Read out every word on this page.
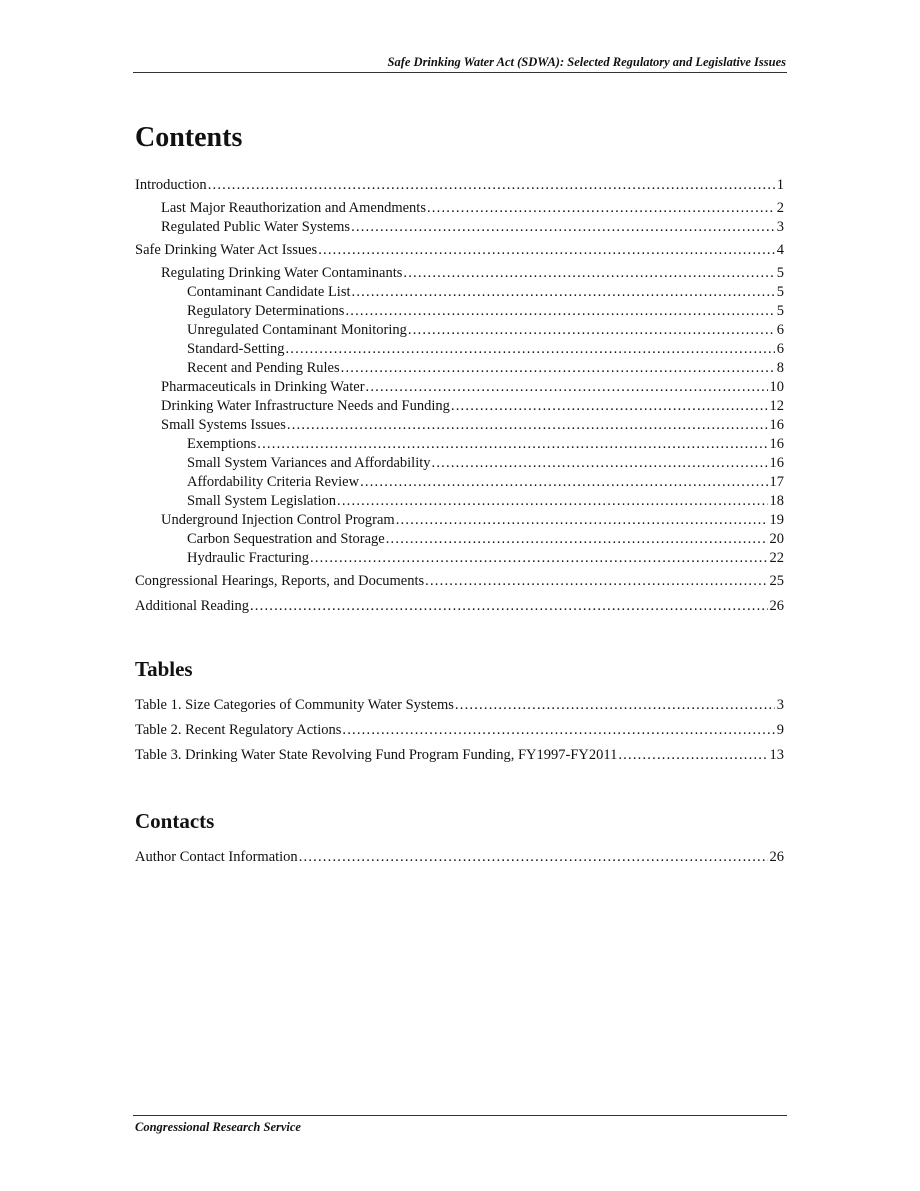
Safe Drinking Water Act (SDWA): Selected Regulatory and Legislative Issues
Contents
Introduction .....	1
Last Major Reauthorization and Amendments .....	2
Regulated Public Water Systems .....	3
Safe Drinking Water Act Issues .....	4
Regulating Drinking Water Contaminants .....	5
Contaminant Candidate List .....	5
Regulatory Determinations .....	5
Unregulated Contaminant Monitoring .....	6
Standard-Setting .....	6
Recent and Pending Rules .....	8
Pharmaceuticals in Drinking Water .....	10
Drinking Water Infrastructure Needs and Funding .....	12
Small Systems Issues .....	16
Exemptions .....	16
Small System Variances and Affordability .....	16
Affordability Criteria Review .....	17
Small System Legislation .....	18
Underground Injection Control Program .....	19
Carbon Sequestration and Storage .....	20
Hydraulic Fracturing .....	22
Congressional Hearings, Reports, and Documents .....	25
Additional Reading .....	26
Tables
Table 1. Size Categories of Community Water Systems .....	3
Table 2. Recent Regulatory Actions .....	9
Table 3. Drinking Water State Revolving Fund Program Funding, FY1997-FY2011 .....	13
Contacts
Author Contact Information .....	26
Congressional Research Service
